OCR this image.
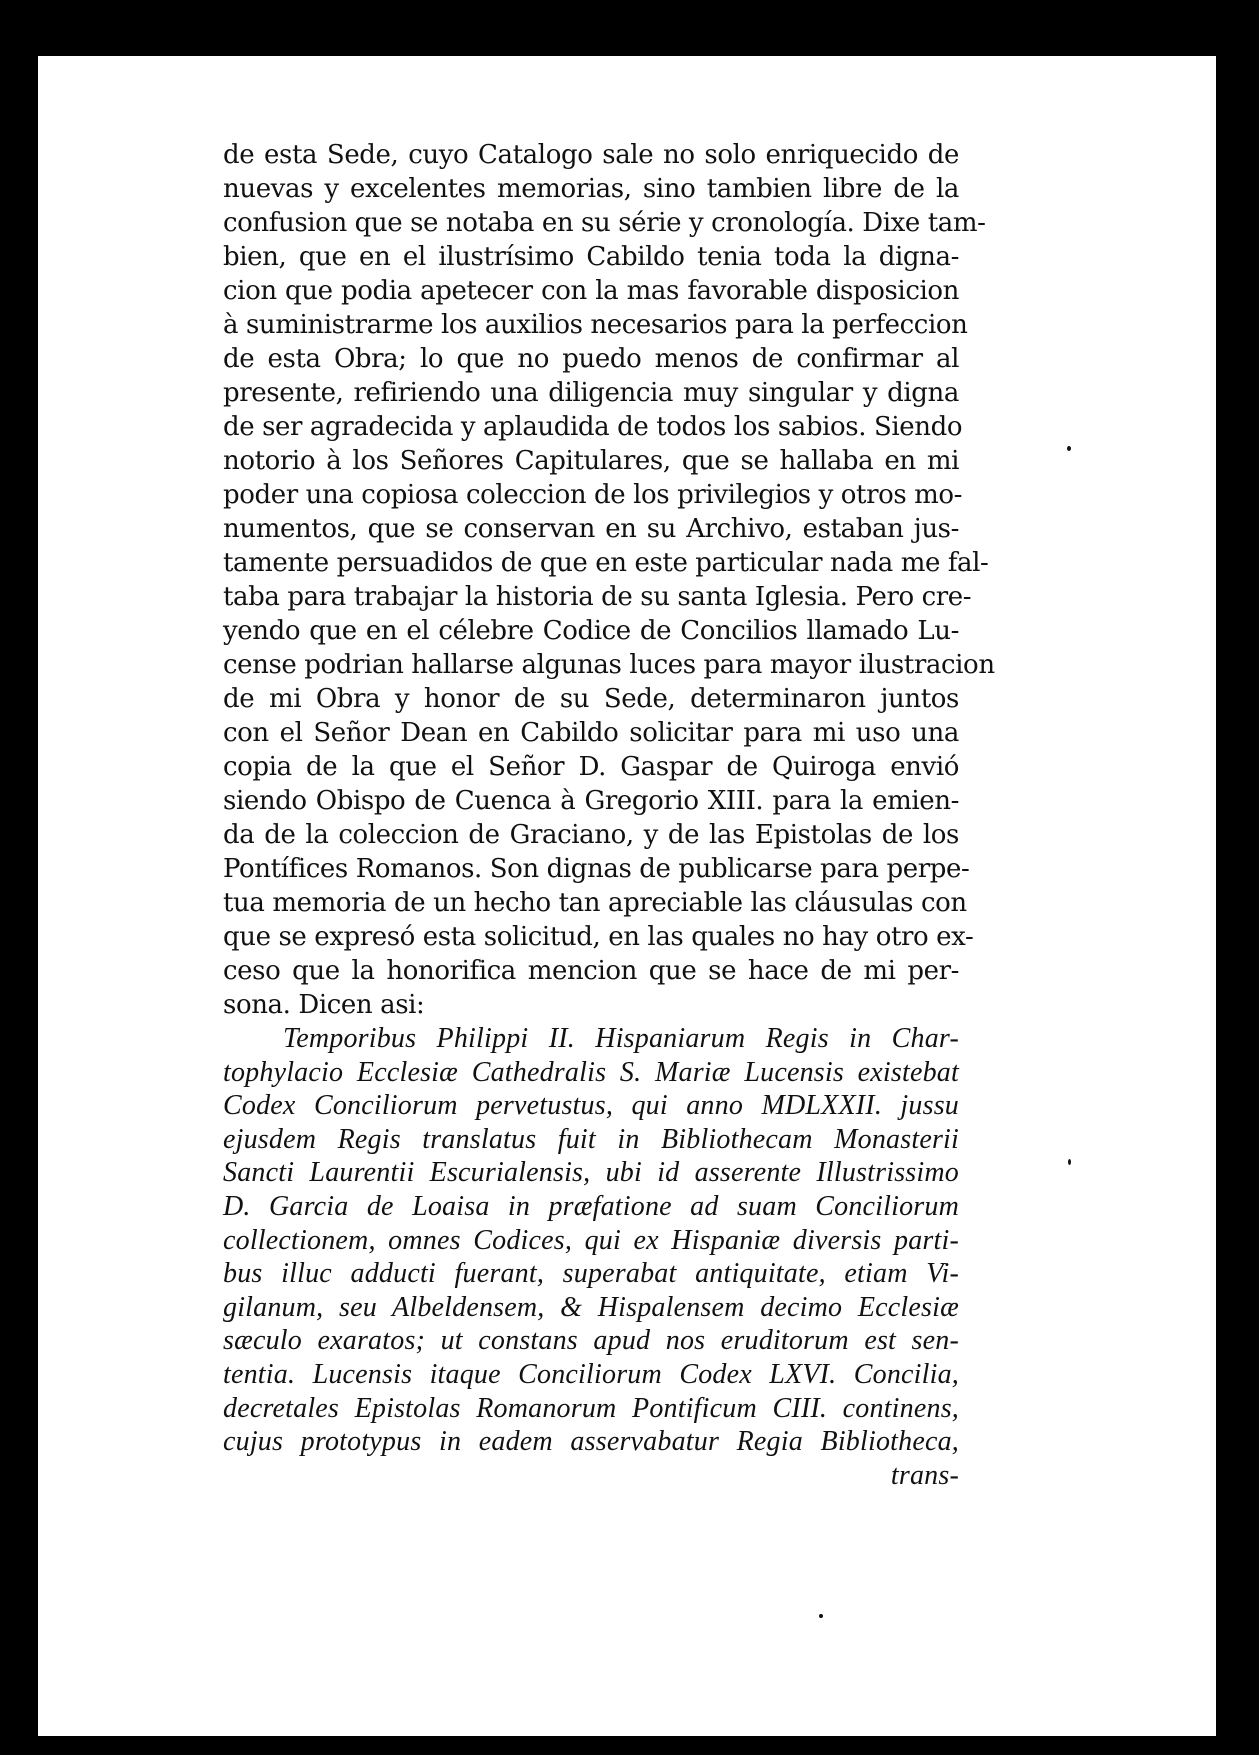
de esta Sede, cuyo Catalogo sale no solo enriquecido de

nuevas y excelentes memorias, sino tambien libre de la

confusion que se notaba en su série y cronología. Dixe tam-

bien, que en el ilustrísimo Cabildo tenia toda la digna-

cion que podia apetecer con la mas favorable disposicion

à suministrarme los auxilios necesarios para la perfeccion

de esta Obra; lo que no puedo menos de confirmar al

presente, refiriendo una diligencia muy singular y digna

de ser agradecida y aplaudida de todos los sabios. Siendo

notorio à los Señores Capitulares, que se hallaba en mi

poder una copiosa coleccion de los privilegios y otros mo-

numentos, que se conservan en su Archivo, estaban jus-

tamente persuadidos de que en este particular nada me fal-

taba para trabajar la historia de su santa Iglesia. Pero cre-

yendo que en el célebre Codice de Concilios llamado Lu-

cense podrian hallarse algunas luces para mayor ilustracion

de mi Obra y honor de su Sede, determinaron juntos

con el Señor Dean en Cabildo solicitar para mi uso una

copia de la que el Señor D. Gaspar de Quiroga envió

siendo Obispo de Cuenca à Gregorio XIII. para la emien-

da de la coleccion de Graciano, y de las Epistolas de los

Pontífices Romanos. Son dignas de publicarse para perpe-

tua memoria de un hecho tan apreciable las cláusulas con

que se expresó esta solicitud, en las quales no hay otro ex-

ceso que la honorifica mencion que se hace de mi per-

sona. Dicen asi:

Temporibus Philippi II. Hispaniarum Regis in Char-

tophylacio Ecclesiæ Cathedralis S. Mariæ Lucensis existebat

Codex Conciliorum pervetustus, qui anno MDLXXII. jussu

ejusdem Regis translatus fuit in Bibliothecam Monasterii

Sancti Laurentii Escurialensis, ubi id asserente Illustrissimo

D. Garcia de Loaisa in præfatione ad suam Conciliorum

collectionem, omnes Codices, qui ex Hispaniæ diversis parti-

bus illuc adducti fuerant, superabat antiquitate, etiam Vi-

gilanum, seu Albeldensem, & Hispalensem decimo Ecclesiæ

sæculo exaratos; ut constans apud nos eruditorum est sen-

tentia. Lucensis itaque Conciliorum Codex LXVI. Concilia,

decretales Epistolas Romanorum Pontificum CIII. continens,

cujus prototypus in eadem asservabatur Regia Bibliotheca,

trans-
